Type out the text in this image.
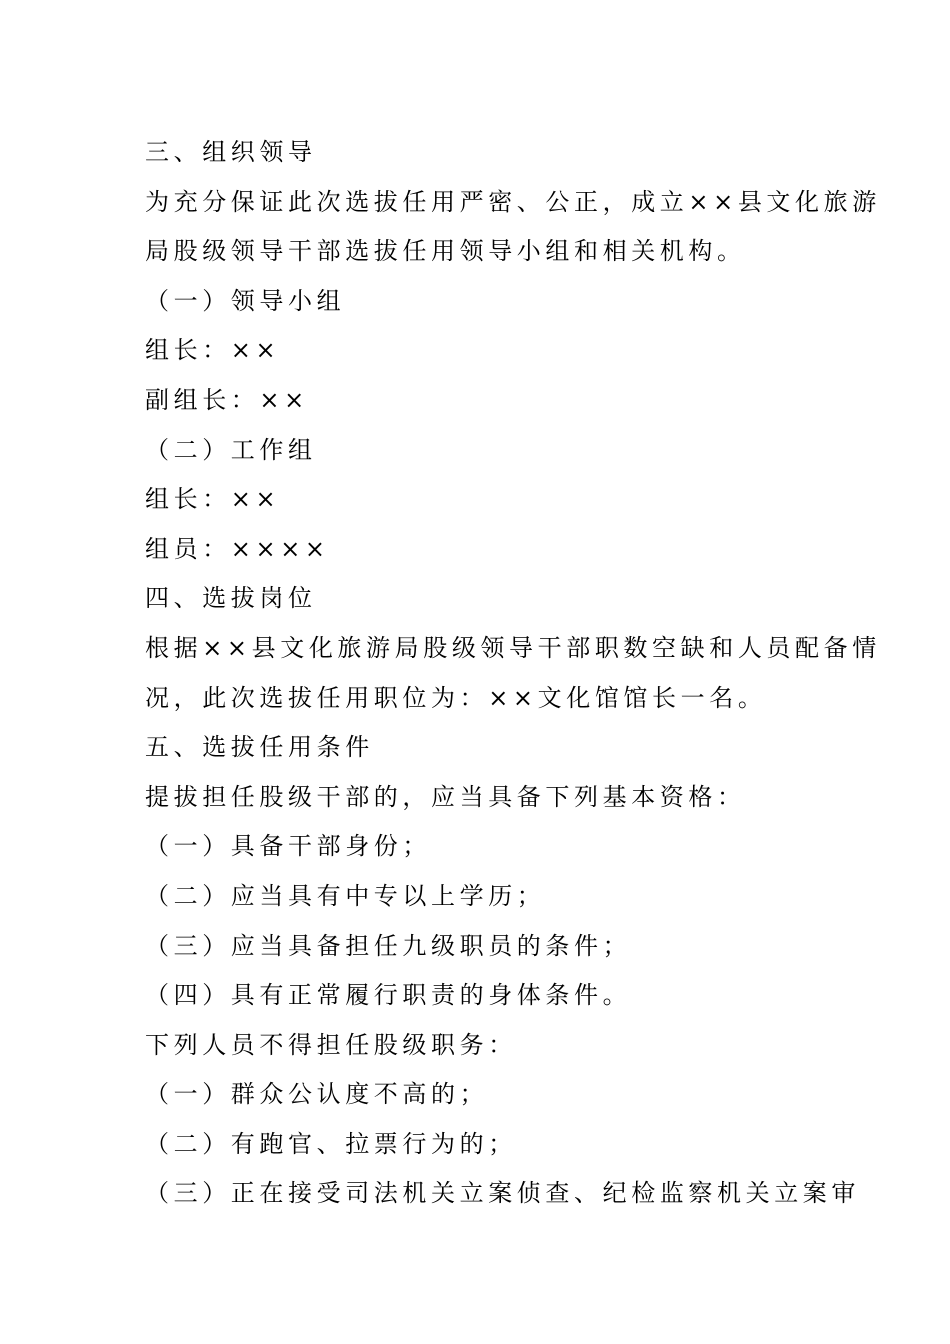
三、组织领导
为充分保证此次选拔任用严密、公正，成立××县文化旅游
局股级领导干部选拔任用领导小组和相关机构。
（一）领导小组
组长：××
副组长：××
（二）工作组
组长：××
组员：××××
四、选拔岗位
根据××县文化旅游局股级领导干部职数空缺和人员配备情
况，此次选拔任用职位为：××文化馆馆长一名。
五、选拔任用条件
提拔担任股级干部的，应当具备下列基本资格：
（一）具备干部身份；
（二）应当具有中专以上学历；
（三）应当具备担任九级职员的条件；
（四）具有正常履行职责的身体条件。
下列人员不得担任股级职务：
（一）群众公认度不高的；
（二）有跑官、拉票行为的；
（三）正在接受司法机关立案侦查、纪检监察机关立案审
